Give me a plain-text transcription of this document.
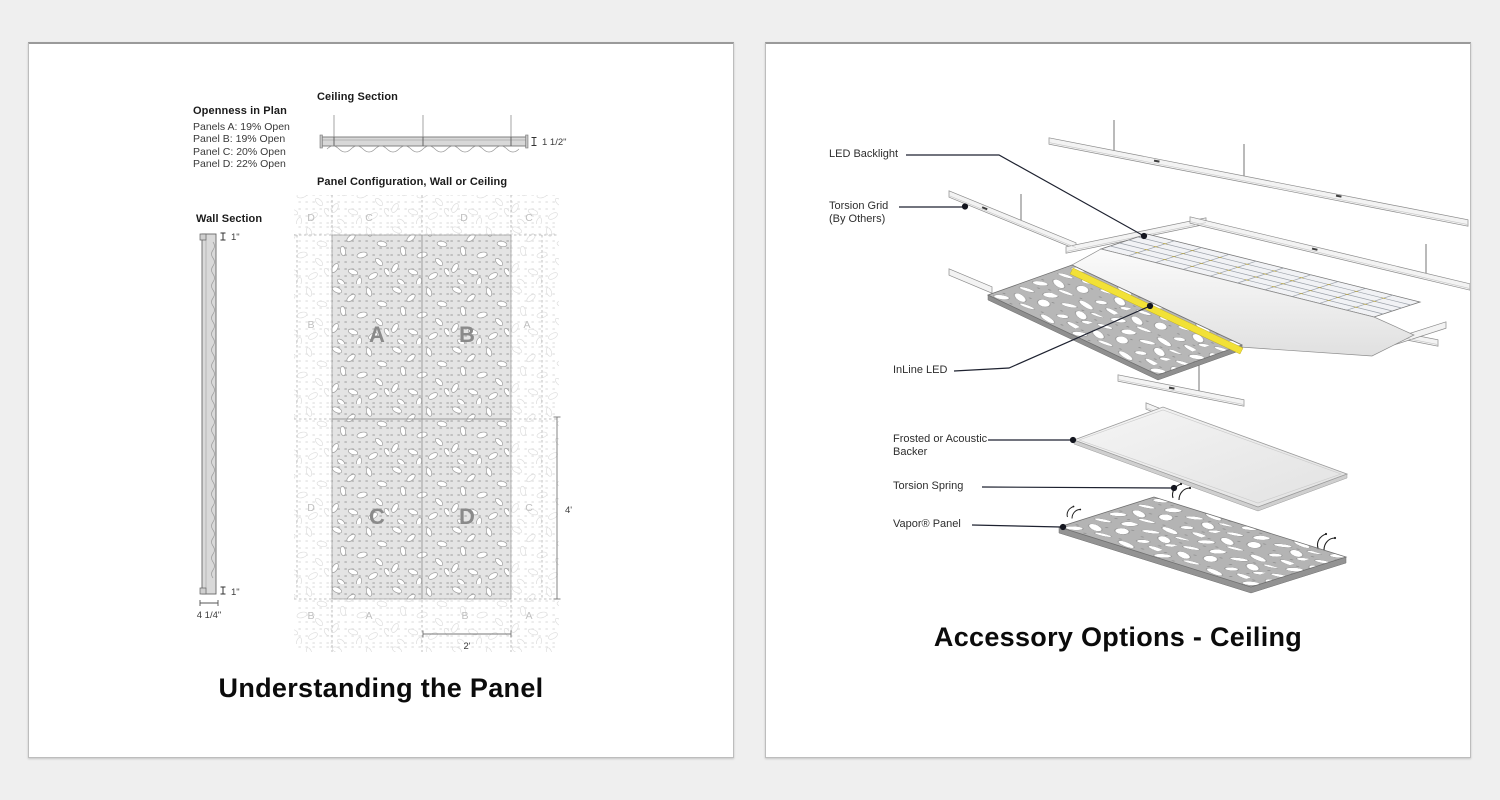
1 1/2"
1"
1"
4 1/4"
A	B
C	D
D	C	D	C
B	A
D	C
B	A	B	A
4'
2'
Ceiling Section
Openness in Plan
Panels A: 19% Open
Panel B: 19% Open
Panel C: 20% Open
Panel D: 22% Open
Panel Configuration, Wall or Ceiling
Wall Section
Understanding the Panel
LED Backlight
Torsion Grid
(By Others)
InLine LED
Frosted or Acoustic
Backer
Torsion Spring
Vapor® Panel
Accessory Options - Ceiling
